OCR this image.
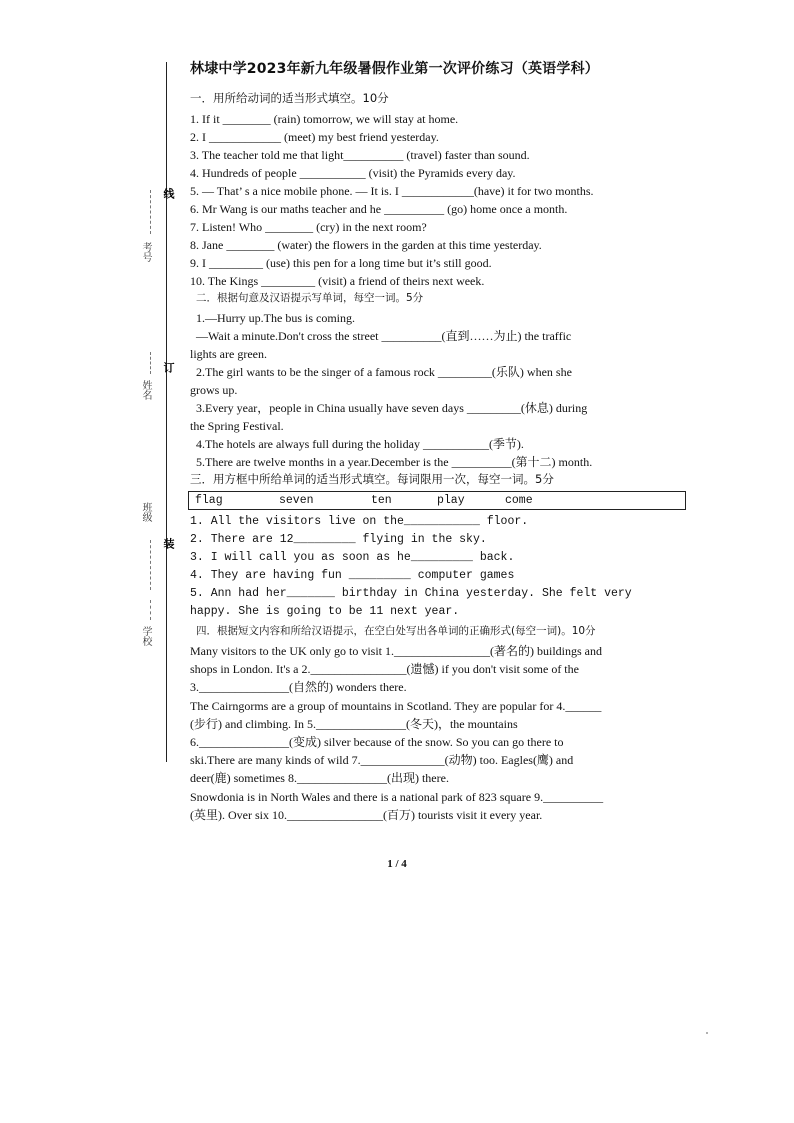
线
订
装
考号
姓名
班级
学校
林埭中学2023年新九年级暑假作业第一次评价练习（英语学科）
一．用所给动词的适当形式填空。10分
1. If it ________ (rain) tomorrow, we will stay at home.
2. I ____________ (meet) my best friend yesterday.
3. The teacher told me that light__________ (travel) faster than sound.
4. Hundreds of people ___________ (visit) the Pyramids every day.
5. — That’ s a nice mobile phone. — It is. I ____________(have) it for two months.
6. Mr Wang is our maths teacher and he __________ (go) home once a month.
7. Listen! Who ________ (cry) in the next room?
8. Jane ________ (water) the flowers in the garden at this time yesterday.
9. I _________ (use) this pen for a long time but it’s still good.
10. The Kings _________ (visit) a friend of theirs next week.
二．根据句意及汉语提示写单词，每空一词。5分
1.—Hurry up.The bus is coming.
—Wait a minute.Don't cross the street __________(直到……为止) the traffic
lights are green.
2.The girl wants to be the singer of a famous rock _________(乐队) when she
grows up.
3.Every year，people in China usually have seven days _________(休息) during
the Spring Festival.
4.The hotels are always full during the holiday ___________(季节).
5.There are twelve months in a year.December is the __________(第十二) month.
三．用方框中所给单词的适当形式填空。每词限用一次，每空一词。5分
flag	seven	ten	play	come
1. All the visitors live on the___________ floor.
2. There are 12_________ flying in the sky.
3. I will call you as soon as he_________ back.
4. They are having fun _________ computer games
5. Ann had her_______ birthday in China yesterday. She felt very
happy. She is going to be 11 next year.
四．根据短文内容和所给汉语提示，在空白处写出各单词的正确形式(每空一词)。10分
Many visitors to the UK only go to visit 1.________________(著名的) buildings and
shops in London. It's a 2.________________(遗憾) if you don't visit some of the
3._______________(自然的) wonders there.
The Cairngorms are a group of mountains in Scotland. They are popular for 4.______
(步行) and climbing. In 5._______________(冬天)，the mountains
6._______________(变成) silver because of the snow. So you can go there to
ski.There are many kinds of wild 7.______________(动物) too. Eagles(鹰) and
deer(鹿) sometimes 8._______________(出现) there.
Snowdonia is in North Wales and there is a national park of 823 square 9.__________
(英里). Over six 10.________________(百万) tourists visit it every year.
1 / 4
